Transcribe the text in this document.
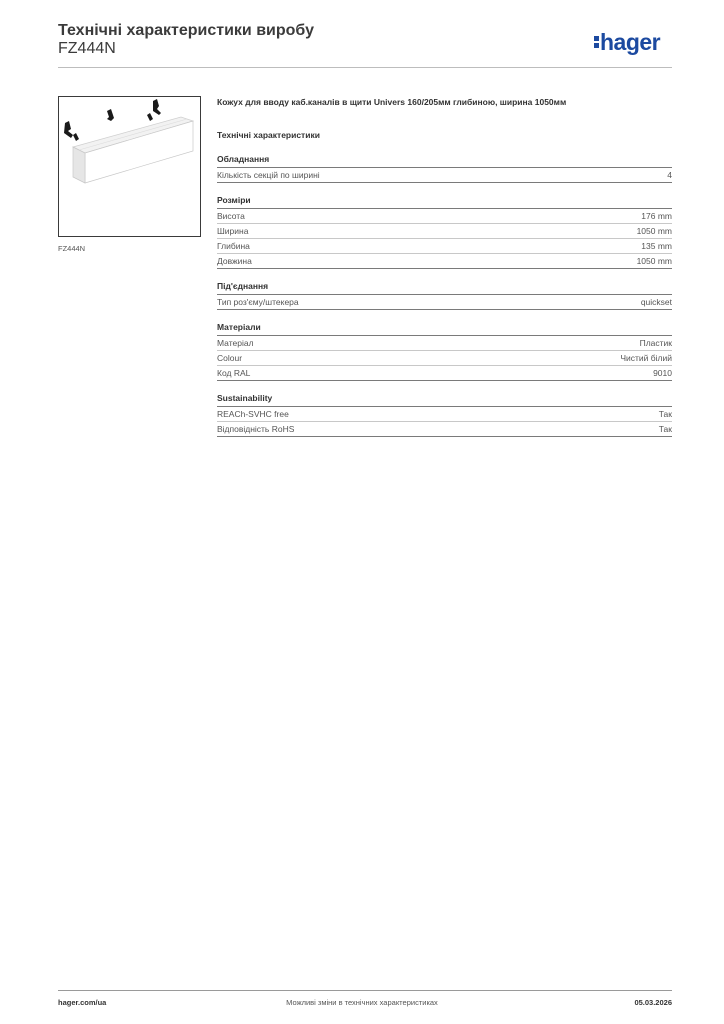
Технічні характеристики виробу
FZ444N	hager
FZ444N
Кожух для вводу каб.каналів в щити Univers 160/205мм глибиною, ширина 1050мм
Технічні характеристики
Обладнання
Кількість секцій по ширині	4
Розміри
Висота	176 mm
Ширина	1050 mm
Глибина	135 mm
Довжина	1050 mm
Під'єднання
Тип роз'єму/штекера	quickset
Матеріали
Матеріал	Пластик
Colour	Чистий білий
Код RAL	9010
Sustainability
REACh-SVHC free	Так
Відповідність RoHS	Так
hager.com/ua	Можливі зміни в технічних характеристиках	05.03.2026
